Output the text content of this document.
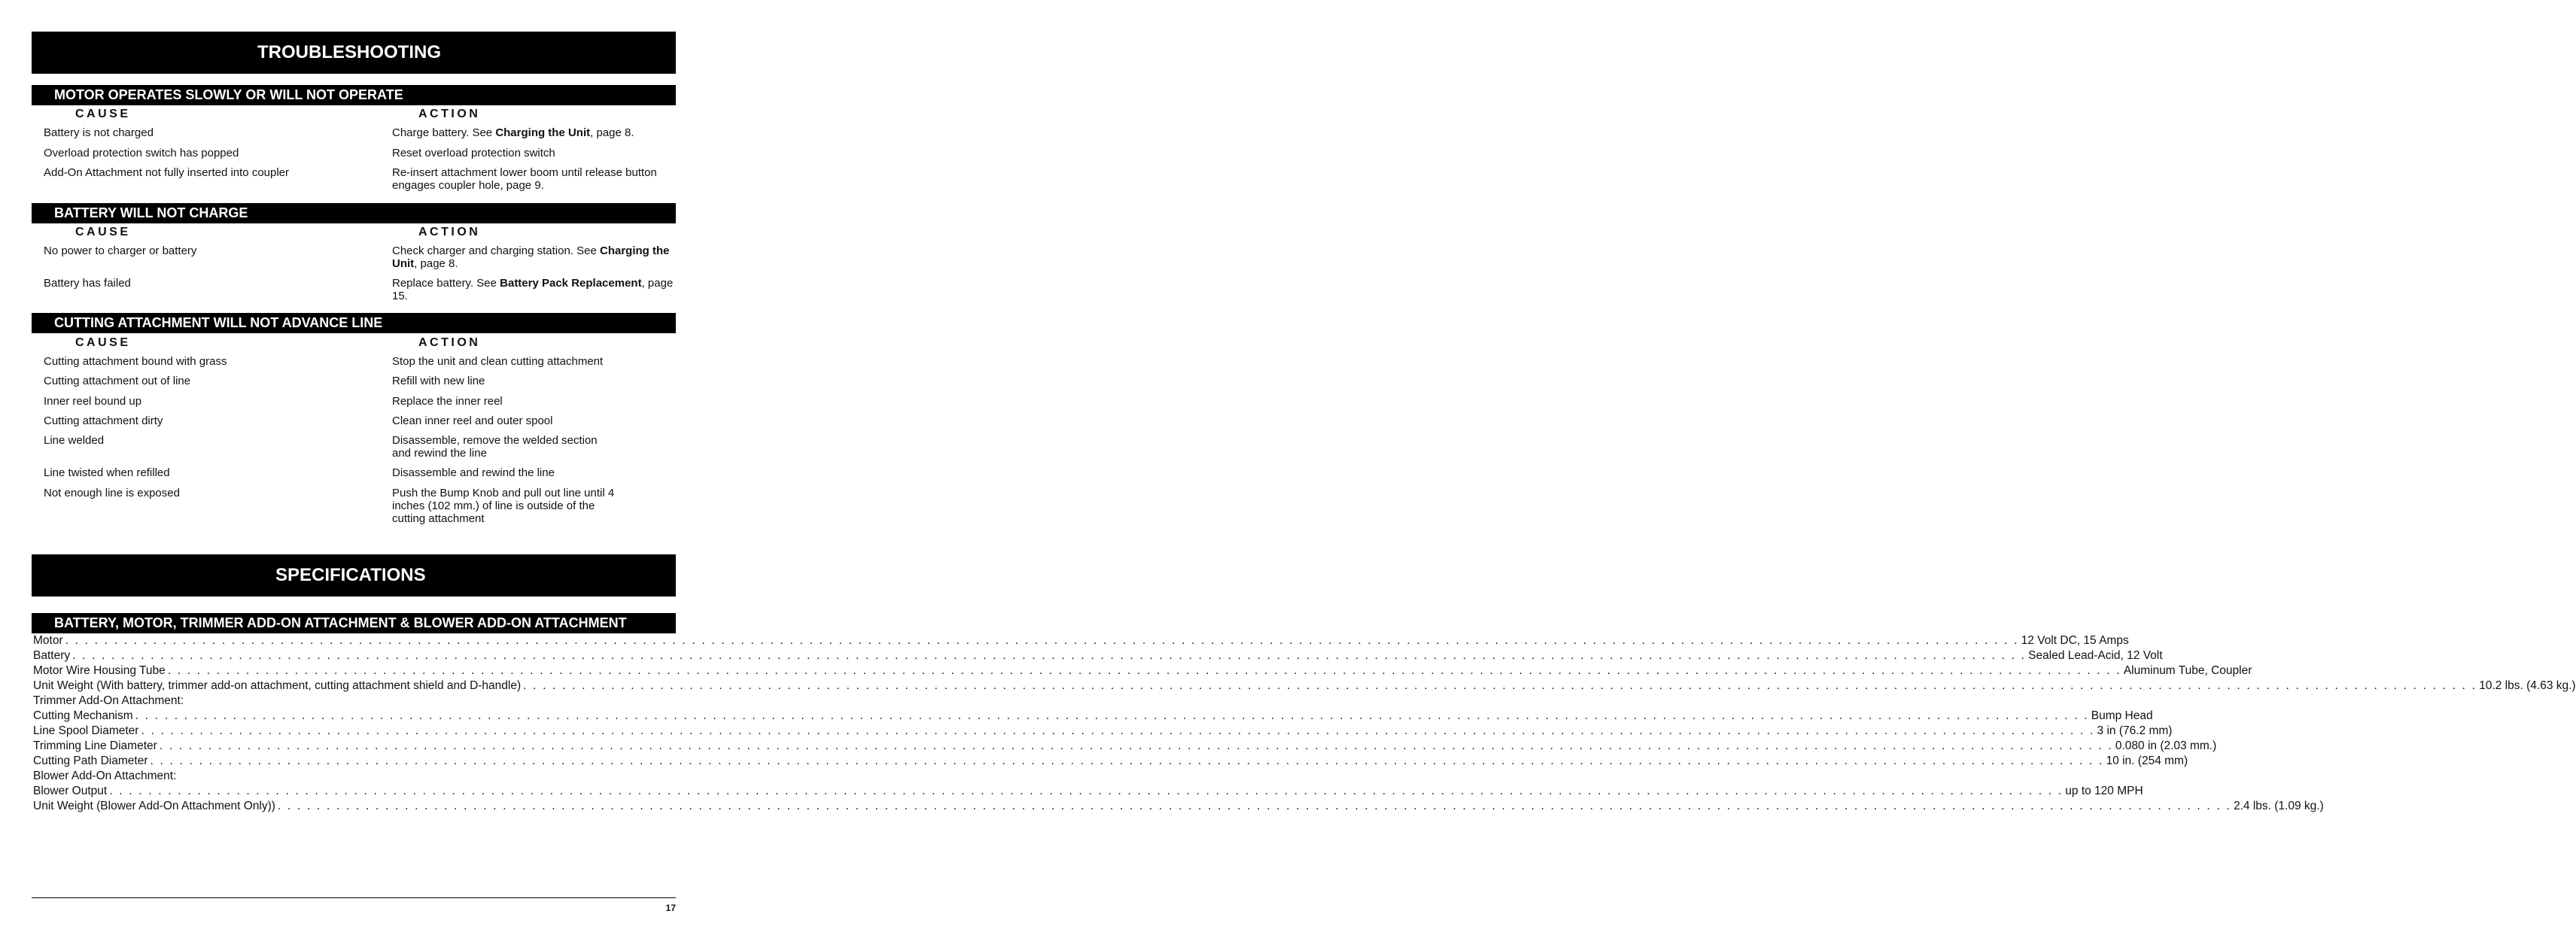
TROUBLESHOOTING
MOTOR OPERATES SLOWLY OR WILL NOT OPERATE
CAUSE	ACTION
Battery is not charged	Charge battery. See Charging the Unit, page 8.
Overload protection switch has popped	Reset overload protection switch
Add-On Attachment not fully inserted into coupler	Re-insert attachment lower boom until release button engages coupler hole, page 9.
BATTERY WILL NOT CHARGE
CAUSE	ACTION
No power to charger or battery	Check charger and charging station. See Charging the Unit, page 8.
Battery has failed	Replace battery. See Battery Pack Replacement, page 15.
CUTTING ATTACHMENT WILL NOT ADVANCE LINE
CAUSE	ACTION
Cutting attachment bound with grass	Stop the unit and clean cutting attachment
Cutting attachment out of line	Refill with new line
Inner reel bound up	Replace the inner reel
Cutting attachment dirty	Clean inner reel and outer spool
Line welded	Disassemble, remove the welded section and rewind the line
Line twisted when refilled	Disassemble and rewind the line
Not enough line is exposed	Push the Bump Knob and pull out line until 4 inches (102 mm.) of line is outside of the cutting attachment
SPECIFICATIONS
BATTERY, MOTOR, TRIMMER ADD-ON ATTACHMENT & BLOWER ADD-ON ATTACHMENT
Motor . . . . . . . . . . . . . . . . . . . . . . . . . . . . . . . . . . . . . . . . . . . . . . . . . . . . . . . . . . . . . . . . . . . . . . . . . . . . . . . . . . . . . . . . . . . . . . . . . . . . . . . . . . . . . . . . . . . . . . . . . . . . . . . . . . . . . . . . . . . . . . . . . . . . . . . . . . . . . . . . . . . . . . . . . . . . . . . . . . . . . . . . . . . . . . . . . . . . . . . . 12 Volt DC, 15 Amps
Battery . . . . . . . . . . . . . . . . . . . . . . . . . . . . . . . . . . . . . . . . . . . . . . . . . . . . . . . . . . . . . . . . . . . . . . . . . . . . . . . . . . . . . . . . . . . . . . . . . . . . . . . . . . . . . . . . . . . . . . . . . . . . . . . . . . . . . . . . . . . . . . . . . . . . . . . . . . . . . . . . . . . . . . . . . . . . . . . . . . . . . . . . . . . . . . . . . . . . . . . . Sealed Lead-Acid, 12 Volt
Motor Wire Housing Tube . . . . . . . . . . . . . . . . . . . . . . . . . . . . . . . . . . . . . . . . . . . . . . . . . . . . . . . . . . . . . . . . . . . . . . . . . . . . . . . . . . . . . . . . . . . . . . . . . . . . . . . . . . . . . . . . . . . . . . . . . . . . . . . . . . . . . . . . . . . . . . . . . . . . . . . . . . . . . . . . . . . . . . . . . . . . . . . . . . . . . . . . . . . . . . . . . . . . . . . . Aluminum Tube, Coupler
Unit Weight (With battery, trimmer add-on attachment, cutting attachment shield and D-handle) . . . . . . . . . . . . . . . . . . . . . . . . . . . . . . . . . . . . . . . . . . . . . . . . . . . . . . . . . . . . . . . . . . . . . . . . . . . . . . . . . . . . . . . . . . . . . . . . . . . . . . . . . . . . . . . . . . . . . . . . . . . . . . . . . . . . . . . . . . . . . . . . . . . . . . . . . . . . . . . . . . . . . . . . . . . . . . . . . . . . . . . . . . . . . . . . . . . . . . . . 10.2 lbs. (4.63 kg.)
Trimmer Add-On Attachment:
Cutting Mechanism . . . . . . . . . . . . . . . . . . . . . . . . . . . . . . . . . . . . . . . . . . . . . . . . . . . . . . . . . . . . . . . . . . . . . . . . . . . . . . . . . . . . . . . . . . . . . . . . . . . . . . . . . . . . . . . . . . . . . . . . . . . . . . . . . . . . . . . . . . . . . . . . . . . . . . . . . . . . . . . . . . . . . . . . . . . . . . . . . . . . . . . . . . . . . . . . . . . . . . . . Bump Head
Line Spool Diameter . . . . . . . . . . . . . . . . . . . . . . . . . . . . . . . . . . . . . . . . . . . . . . . . . . . . . . . . . . . . . . . . . . . . . . . . . . . . . . . . . . . . . . . . . . . . . . . . . . . . . . . . . . . . . . . . . . . . . . . . . . . . . . . . . . . . . . . . . . . . . . . . . . . . . . . . . . . . . . . . . . . . . . . . . . . . . . . . . . . . . . . . . . . . . . . . . . . . . . . . 3 in (76.2 mm)
Trimming Line Diameter . . . . . . . . . . . . . . . . . . . . . . . . . . . . . . . . . . . . . . . . . . . . . . . . . . . . . . . . . . . . . . . . . . . . . . . . . . . . . . . . . . . . . . . . . . . . . . . . . . . . . . . . . . . . . . . . . . . . . . . . . . . . . . . . . . . . . . . . . . . . . . . . . . . . . . . . . . . . . . . . . . . . . . . . . . . . . . . . . . . . . . . . . . . . . . . . . . . . . . . . 0.080 in (2.03 mm.)
Cutting Path Diameter . . . . . . . . . . . . . . . . . . . . . . . . . . . . . . . . . . . . . . . . . . . . . . . . . . . . . . . . . . . . . . . . . . . . . . . . . . . . . . . . . . . . . . . . . . . . . . . . . . . . . . . . . . . . . . . . . . . . . . . . . . . . . . . . . . . . . . . . . . . . . . . . . . . . . . . . . . . . . . . . . . . . . . . . . . . . . . . . . . . . . . . . . . . . . . . . . . . . . . . . 10 in. (254 mm)
Blower Add-On Attachment:
Blower Output . . . . . . . . . . . . . . . . . . . . . . . . . . . . . . . . . . . . . . . . . . . . . . . . . . . . . . . . . . . . . . . . . . . . . . . . . . . . . . . . . . . . . . . . . . . . . . . . . . . . . . . . . . . . . . . . . . . . . . . . . . . . . . . . . . . . . . . . . . . . . . . . . . . . . . . . . . . . . . . . . . . . . . . . . . . . . . . . . . . . . . . . . . . . . . . . . . . . . . . . up to 120 MPH
Unit Weight (Blower Add-On Attachment Only)) . . . . . . . . . . . . . . . . . . . . . . . . . . . . . . . . . . . . . . . . . . . . . . . . . . . . . . . . . . . . . . . . . . . . . . . . . . . . . . . . . . . . . . . . . . . . . . . . . . . . . . . . . . . . . . . . . . . . . . . . . . . . . . . . . . . . . . . . . . . . . . . . . . . . . . . . . . . . . . . . . . . . . . . . . . . . . . . . . . . . . . . . . . . . . . . . . . . . . . . . 2.4 lbs. (1.09 kg.)
17
